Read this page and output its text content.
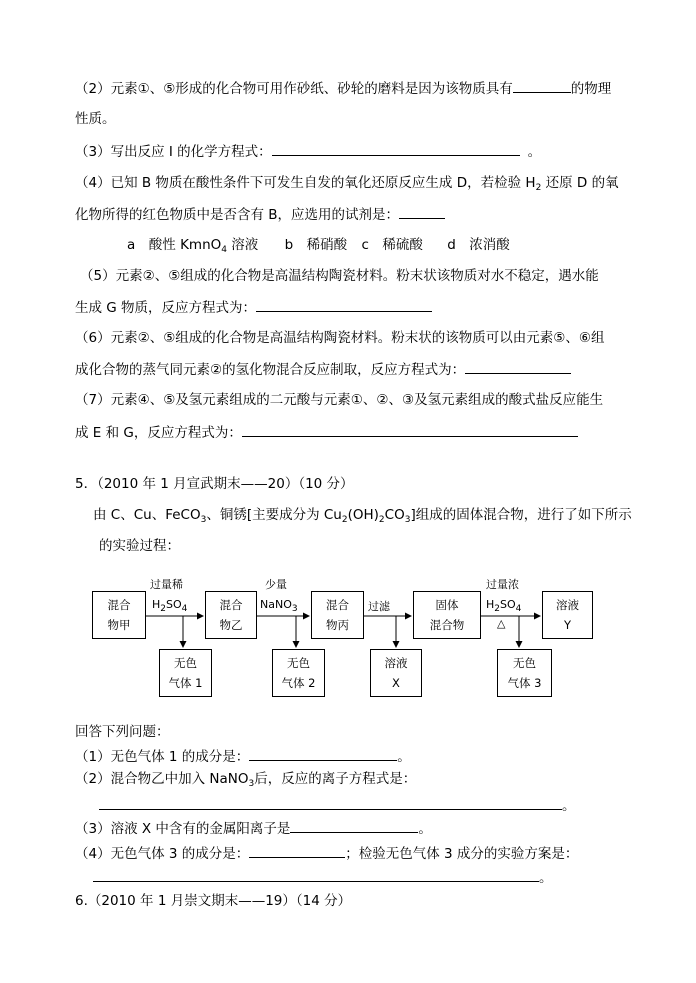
（2）元素①、⑤形成的化合物可用作砂纸、砂轮的磨料是因为该物质具有	的物理
性质。
（3）写出反应 I 的化学方程式：	。
（4）已知 B 物质在酸性条件下可发生自发的氧化还原反应生成 D，若检验 $H_2$ 还原 D 的氧
化物所得的红色物质中是否含有 B，应选用的试剂是：
a　酸性 KmnO$_4$ 溶液 b　稀硝酸 c　稀硫酸 d　浓消酸
（5）元素②、⑤组成的化合物是高温结构陶瓷材料。粉末状该物质对水不稳定，遇水能
生成 G 物质，反应方程式为：
（6）元素②、⑤组成的化合物是高温结构陶瓷材料。粉末状的该物质可以由元素⑤、⑥组
成化合物的蒸气同元素②的氢化物混合反应制取，反应方程式为：
（7）元素④、⑤及氢元素组成的二元酸与元素①、②、③及氢元素组成的酸式盐反应能生
成 E 和 G，反应方程式为：
5．（2010 年 1 月宣武期末——20）（10 分）
由 C、Cu、FeCO$_3$、铜锈[主要成分为 $Cu_2(OH)_2CO_3$]组成的固体混合物，进行了如下所示
的实验过程：
混合
物甲
混合
物乙
混合
物丙
固体
混合物
溶液
Y
无色
气体 1
无色
气体 2
溶液
X
无色
气体 3
过量稀
$H_2SO_4$
少量
NaNO$_3$	过滤
过量浓
$H_2SO_4$
△
回答下列问题：
（1）无色气体 1 的成分是：	。
（2）混合物乙中加入 NaNO$_3$后，反应的离子方程式是：
。
（3）溶液 X 中含有的金属阳离子是	。
（4）无色气体 3 的成分是：	；检验无色气体 3 成分的实验方案是：
。
6.（2010 年 1 月崇文期末——19）（14 分）
